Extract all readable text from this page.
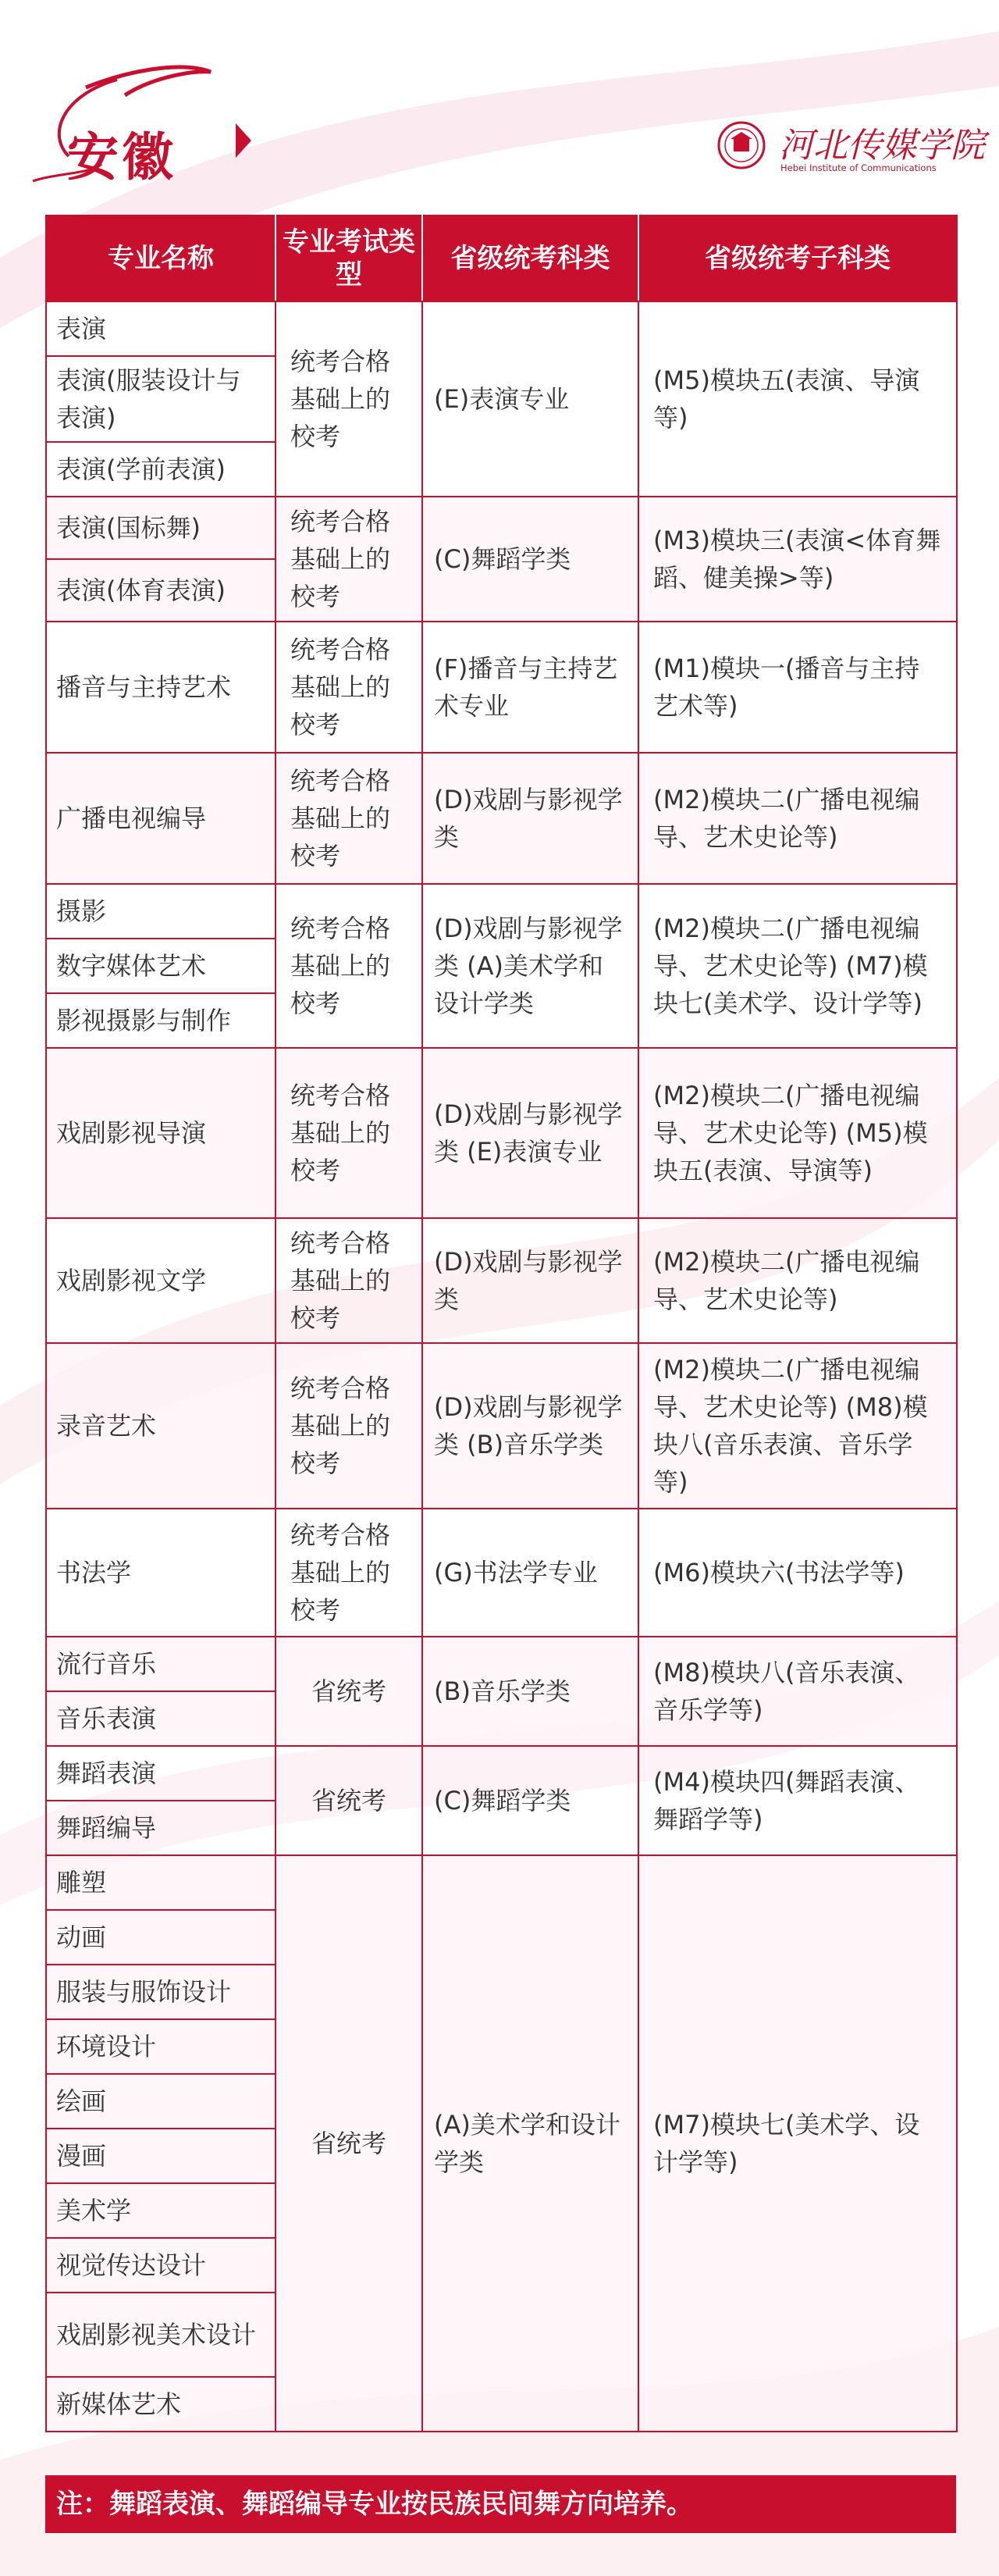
安徽	河北传媒学院
Hebei Institute of Communications
专业名称	专业考试类型	省级统考科类	省级统考子科类
表演	统考合格基础上的校考	(E)表演专业	(M5)模块五(表演、导演等)
表演(服装设计与表演)			
表演(学前表演)			
表演(国标舞)	统考合格基础上的校考	(C)舞蹈学类	(M3)模块三(表演<体育舞蹈、健美操>等)
表演(体育表演)			
播音与主持艺术	统考合格基础上的校考	(F)播音与主持艺术专业	(M1)模块一(播音与主持艺术等)
广播电视编导	统考合格基础上的校考	(D)戏剧与影视学类	(M2)模块二(广播电视编导、艺术史论等)
摄影	统考合格基础上的校考	(D)戏剧与影视学类 (A)美术学和设计学类	(M2)模块二(广播电视编导、艺术史论等) (M7)模块七(美术学、设计学等)
数字媒体艺术			
影视摄影与制作			
戏剧影视导演	统考合格基础上的校考	(D)戏剧与影视学类 (E)表演专业	(M2)模块二(广播电视编导、艺术史论等) (M5)模块五(表演、导演等)
戏剧影视文学	统考合格基础上的校考	(D)戏剧与影视学类	(M2)模块二(广播电视编导、艺术史论等)
录音艺术	统考合格基础上的校考	(D)戏剧与影视学类 (B)音乐学类	(M2)模块二(广播电视编导、艺术史论等) (M8)模块八(音乐表演、音乐学等)
书法学	统考合格基础上的校考	(G)书法学专业	(M6)模块六(书法学等)
流行音乐	省统考	(B)音乐学类	(M8)模块八(音乐表演、音乐学等)
音乐表演			
舞蹈表演	省统考	(C)舞蹈学类	(M4)模块四(舞蹈表演、舞蹈学等)
舞蹈编导			
雕塑	省统考	(A)美术学和设计学类	(M7)模块七(美术学、设计学等)
动画			
服装与服饰设计			
环境设计			
绘画			
漫画			
美术学			
视觉传达设计			
戏剧影视美术设计			
新媒体艺术			
注：舞蹈表演、舞蹈编导专业按民族民间舞方向培养。
